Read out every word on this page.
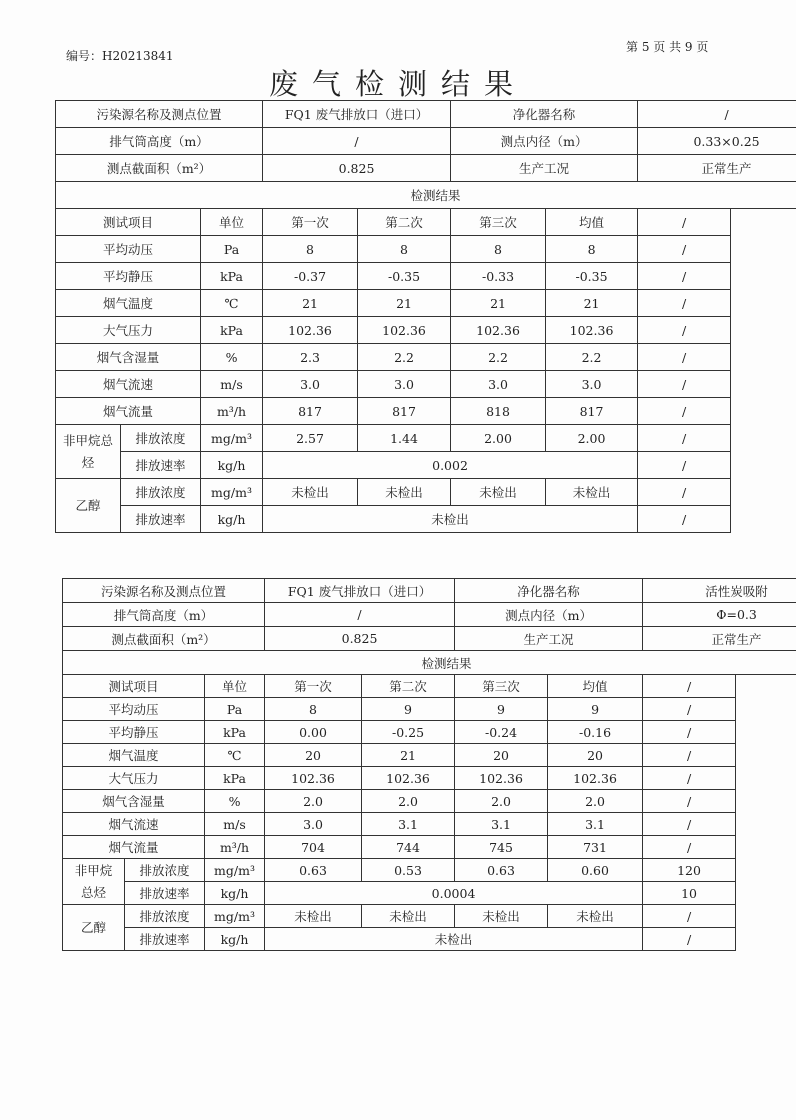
编号：H20213841
第 5 页 共 9 页
废气检测结果
污染源名称及测点位置			FQ1 废气排放口（进口）		净化器名称		/
排气筒高度（m）			/		测点内径（m）		0.33×0.25
测点截面积（m²）			0.825		生产工况		正常生产
检测结果							
测试项目		单位	第一次	第二次	第三次	均值	/
平均动压		Pa	8	8	8	8	/
平均静压		kPa	-0.37	-0.35	-0.33	-0.35	/
烟气温度		℃	21	21	21	21	/
大气压力		kPa	102.36	102.36	102.36	102.36	/
烟气含湿量		%	2.3	2.2	2.2	2.2	/
烟气流速		m/s	3.0	3.0	3.0	3.0	/
烟气流量		m³/h	817	817	818	817	/
非甲烷总烃	排放浓度	mg/m³	2.57	1.44	2.00	2.00	/
	排放速率	kg/h	0.002				/
乙醇	排放浓度	mg/m³	未检出	未检出	未检出	未检出	/
	排放速率	kg/h	未检出				/
污染源名称及测点位置			FQ1 废气排放口（进口）		净化器名称		活性炭吸附
排气筒高度（m）			/		测点内径（m）		Φ=0.3
测点截面积（m²）			0.825		生产工况		正常生产
检测结果							
测试项目		单位	第一次	第二次	第三次	均值	/
平均动压		Pa	8	9	9	9	/
平均静压		kPa	0.00	-0.25	-0.24	-0.16	/
烟气温度		℃	20	21	20	20	/
大气压力		kPa	102.36	102.36	102.36	102.36	/
烟气含湿量		%	2.0	2.0	2.0	2.0	/
烟气流速		m/s	3.0	3.1	3.1	3.1	/
烟气流量		m³/h	704	744	745	731	/
非甲烷总烃	排放浓度	mg/m³	0.63	0.53	0.63	0.60	120
	排放速率	kg/h	0.0004				10
乙醇	排放浓度	mg/m³	未检出	未检出	未检出	未检出	/
	排放速率	kg/h	未检出				/
